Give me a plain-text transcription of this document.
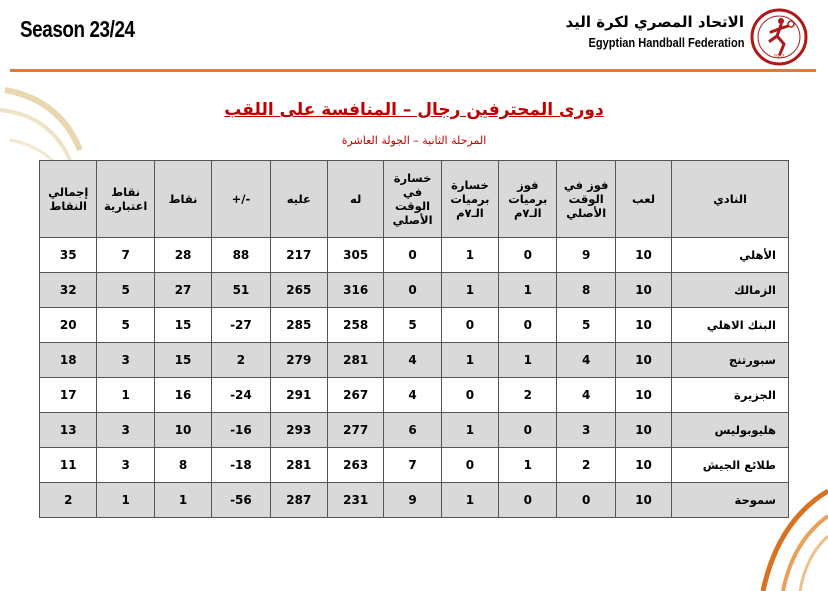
Season 23/24	الاتحاد المصري لكرة اليد
Egyptian Handball Federation
1957
دورى المحترفين رجال – المنافسة على اللقب
المرحلة الثانية – الجولة العاشرة
النادي	لعب	فوز في الوقت الأصلي	فوز برميات الـ٧م	خسارة برميات الـ٧م	خسارة في الوقت الأصلي	له	عليه	+/-	نقاط	نقاط اعتبارية	إجمالي النقاط
الأهلي	10	9	0	1	0	305	217	88	28	7	35
الزمالك	10	8	1	1	0	316	265	51	27	5	32
البنك الاهلي	10	5	0	0	5	258	285	-27	15	5	20
سبورتنج	10	4	1	1	4	281	279	2	15	3	18
الجزيرة	10	4	2	0	4	267	291	-24	16	1	17
هليوبوليس	10	3	0	1	6	277	293	-16	10	3	13
طلائع الجيش	10	2	1	0	7	263	281	-18	8	3	11
سموحة	10	0	0	1	9	231	287	-56	1	1	2
